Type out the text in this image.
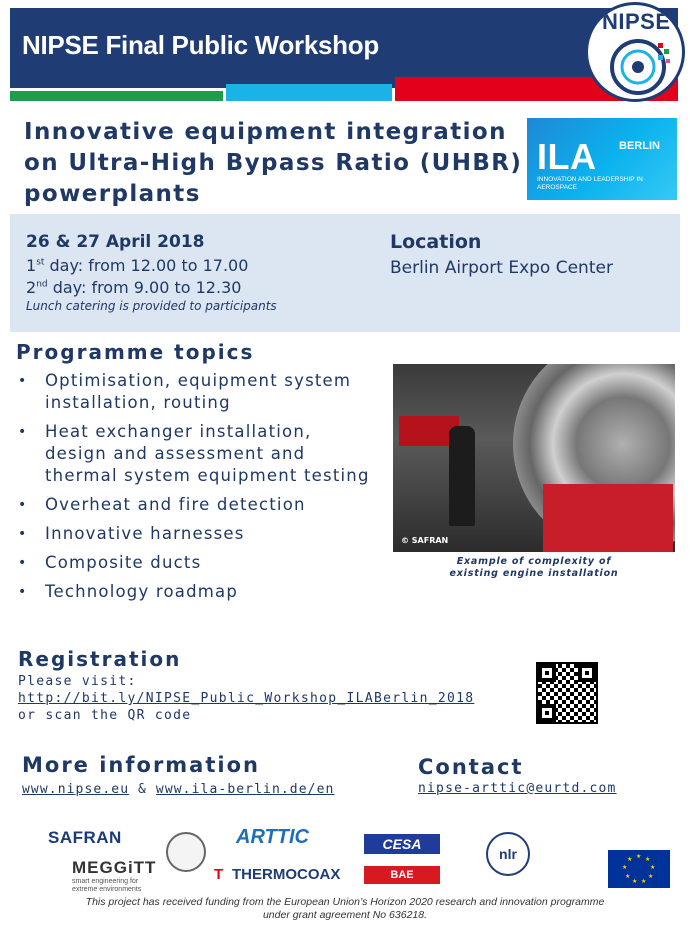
NIPSE Final Public Workshop
NIPSE
Innovative equipment integration
on Ultra-High Bypass Ratio (UHBR)
powerplants
ILA BERLIN
INNOVATION AND LEADERSHIP IN AEROSPACE
26 & 27 April 2018
1st day: from 12.00 to 17.00
2nd day: from 9.00 to 12.30
Lunch catering is provided to participants
Location
Berlin Airport Expo Center
Programme topics
• Optimisation, equipment system installation, routing
• Heat exchanger installation, design and assessment and thermal system equipment testing
• Overheat and fire detection
• Innovative harnesses
• Composite ducts
• Technology roadmap
© SAFRAN
Example of complexity of
existing engine installation
Registration
Please visit:
http://bit.ly/NIPSE_Public_Workshop_ILABerlin_2018
or scan the QR code
More information
www.nipse.eu & www.ila-berlin.de/en
Contact
nipse-arttic@eurtd.com
SAFRAN
MEGGiTT
smart engineering for extreme environments
ARTTIC
THERMOCOAX
T
CESA
BAE SYSTEMS
nlr	★ ★
★
★
★
★
★
★
★
This project has received funding from the European Union’s Horizon 2020 research and innovation programme
under grant agreement No 636218.
